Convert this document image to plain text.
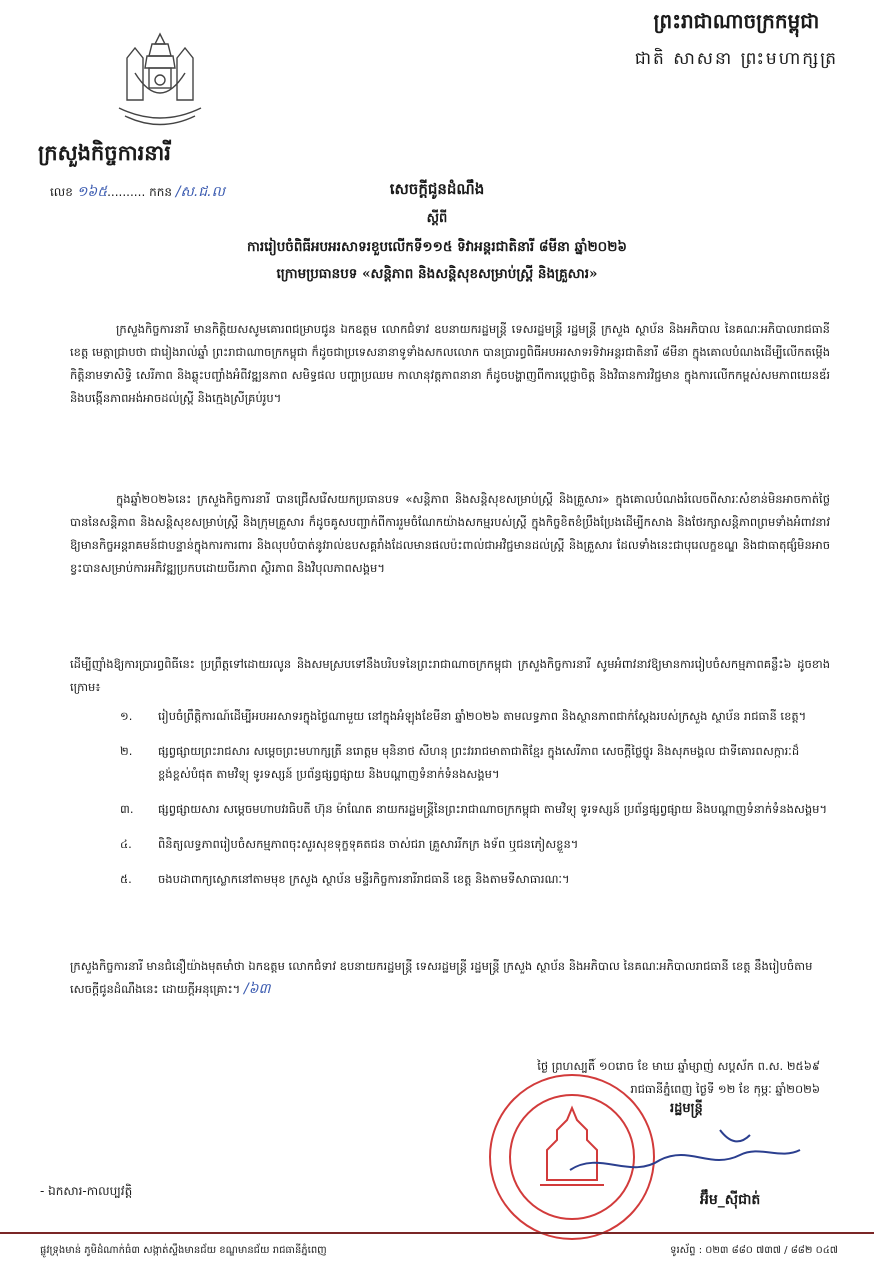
ព្រះរាជាណាចក្រកម្ពុជា
ជាតិ សាសនា ព្រះមហាក្សត្រ
ក្រសួងកិច្ចការនារី
លេខ ១៦៥.......... កកន /ស.ជ.ល	សេចក្តីជូនដំណឹង
ស្តីពី
ការរៀបចំពិធីអបអរសាទរខួបលើកទី១១៥ ទិវាអន្តរជាតិនារី ៨មីនា ឆ្នាំ២០២៦
ក្រោមប្រធានបទ «សន្តិភាព និងសន្តិសុខសម្រាប់ស្ត្រី និងគ្រួសារ»
ក្រសួងកិច្ចការនារី មានកិត្តិយសសូមគោរពជម្រាបជូន ឯកឧត្តម លោកជំទាវ ឧបនាយករដ្ឋមន្ត្រី ទេសរដ្ឋមន្ត្រី រដ្ឋមន្ត្រី ក្រសួង ស្ថាប័ន និងអភិបាល នៃគណៈអភិបាលរាជធានី ខេត្ត មេត្តាជ្រាបថា ជារៀងរាល់ឆ្នាំ ព្រះរាជាណាចក្រកម្ពុជា ក៏ដូចជាប្រទេសនានាទូទាំងសកលលោក បានប្រារព្ធពិធីអបអរសាទរទិវាអន្តរជាតិនារី ៨មីនា ក្នុងគោលបំណងដើម្បីលើកតម្កើងកិត្តិនាមទាសិទ្ធិ សេរីភាព និងឆ្លុះបញ្ចាំងអំពីវឌ្ឍនភាព សមិទ្ធផល បញ្ហាប្រឈម កាលានុវត្តភាពនានា ក៏ដូចបង្ហាញពីការប្តេជ្ញាចិត្ត និងវិធានការវិជ្ជមាន ក្នុងការលើកកម្ពស់សមភាពយេនឌ័រ និងបង្កើនភាពអង់អាចដល់ស្ត្រី និងក្មេងស្រីគ្រប់រូប។
ក្នុងឆ្នាំ២០២៦នេះ ក្រសួងកិច្ចការនារី បានជ្រើសរើសយកប្រធានបទ «សន្តិភាព និងសន្តិសុខសម្រាប់ស្ត្រី និងគ្រួសារ» ក្នុងគោលបំណងរំលេចពីសារៈសំខាន់មិនអាចកាត់ថ្លៃបាននៃសន្តិភាព និងសន្តិសុខសម្រាប់ស្ត្រី និងក្រុមគ្រួសារ ក៏ដូចគូសបញ្ជាក់ពីការរួមចំណែកយ៉ាងសកម្មរបស់ស្ត្រី ក្នុងកិច្ចខិតខំប្រឹងប្រែងដើម្បីកសាង និងថែរក្សាសន្តិភាពព្រមទាំងអំពាវនាវឱ្យមានកិច្ចអន្តរាគមន៍ជាបន្ទាន់ក្នុងការការពារ និងលុបបំបាត់នូវរាល់ឧបសគ្គរាំងដែលមានផលប៉ះពាល់ជាអវិជ្ជមានដល់ស្ត្រី និងគ្រួសារ ដែលទាំងនេះជាបុរេលក្ខខណ្ឌ និងជាធាតុផ្សំមិនអាចខ្វះបានសម្រាប់ការអភិវឌ្ឍប្រកបដោយចីរភាព ស្ថិរភាព និងវិបុលភាពសង្គម។
ដើម្បីញ៉ាំងឱ្យការប្រារព្ធពិធីនេះ ប្រព្រឹត្តទៅដោយរលូន និងសមស្របទៅនឹងបរិបទនៃព្រះរាជាណាចក្រកម្ពុជា ក្រសួងកិច្ចការនារី សូមអំពាវនាវឱ្យមានការរៀបចំសកម្មភាពគន្លឹះ៦ ដូចខាងក្រោម៖
១.	រៀបចំព្រឹត្តិការណ៍ដើម្បីអបអរសាទរក្នុងថ្ងៃណាមួយ នៅក្នុងអំឡុងខែមីនា ឆ្នាំ២០២៦ តាមលទ្ធភាព និងស្ថានភាពជាក់ស្តែងរបស់ក្រសួង ស្ថាប័ន រាជធានី ខេត្ត។
២.	ផ្សព្វផ្សាយព្រះរាជសារ សម្តេចព្រះមហាក្សត្រី នរោត្តម មុនិនាថ សីហនុ ព្រះវររាជមាតាជាតិខ្មែរ ក្នុងសេរីភាព សេចក្តីថ្លៃថ្នូរ និងសុភមង្គល ជាទីគោរពសក្ការៈដ៏ខ្ពង់ខ្ពស់បំផុត តាមវិទ្យុ ទូរទស្សន៍ ប្រព័ន្ធផ្សព្វផ្សាយ និងបណ្តាញទំនាក់ទំនងសង្គម។
៣.	ផ្សព្វផ្សាយសារ សម្តេចមហាបវរធិបតី ហ៊ុន ម៉ាណែត នាយករដ្ឋមន្ត្រីនៃព្រះរាជាណាចក្រកម្ពុជា តាមវិទ្យុ ទូរទស្សន៍ ប្រព័ន្ធផ្សព្វផ្សាយ និងបណ្តាញទំនាក់ទំនងសង្គម។
៤.	ពិនិត្យលទ្ធភាពរៀបចំសកម្មភាពចុះសួរសុខទុក្ខទុគតជន ចាស់ជរា គ្រួសាររីកក្រ ងទ័ព ឬជនភៀសខ្លួន។
៥.	ចងបដាពាក្យស្លោកនៅតាមមុខ ក្រសួង ស្ថាប័ន មន្ទីរកិច្ចការនារីរាជធានី ខេត្ត និងតាមទីសាធារណៈ។
ក្រសួងកិច្ចការនារី មានជំនឿយ៉ាងមុតមាំថា ឯកឧត្តម លោកជំទាវ ឧបនាយករដ្ឋមន្ត្រី ទេសរដ្ឋមន្ត្រី រដ្ឋមន្ត្រី ក្រសួង ស្ថាប័ន និងអភិបាល នៃគណៈអភិបាលរាជធានី ខេត្ត នឹងរៀបចំតាមសេចក្តីជូនដំណឹងនេះ ដោយក្តីអនុគ្រោះ។ /៦៣
ថ្ងៃ ព្រហស្បតិ៍ ១០រោច ខែ មាឃ ឆ្នាំម្សាញ់ សប្តស័ក ព.ស. ២៥៦៩
រាជធានីភ្នំពេញ ថ្ងៃទី ១២ ខែ កុម្ភៈ ឆ្នាំ២០២៦
រដ្ឋមន្ត្រី
អ៊ឹម_ស៊ីជាត់
- ឯកសារ-កាលប្បវត្តិ
ផ្លូវទ្រុងមាន់ ភូមិដំណាក់ធំ៣ សង្កាត់ស្ទឹងមានជ័យ ខណ្ឌមានជ័យ រាជធានីភ្នំពេញ	ទូរស័ព្ទ : ០២៣ ៨៨០ ៧៣៧ / ៨៨២ ០៤៧
